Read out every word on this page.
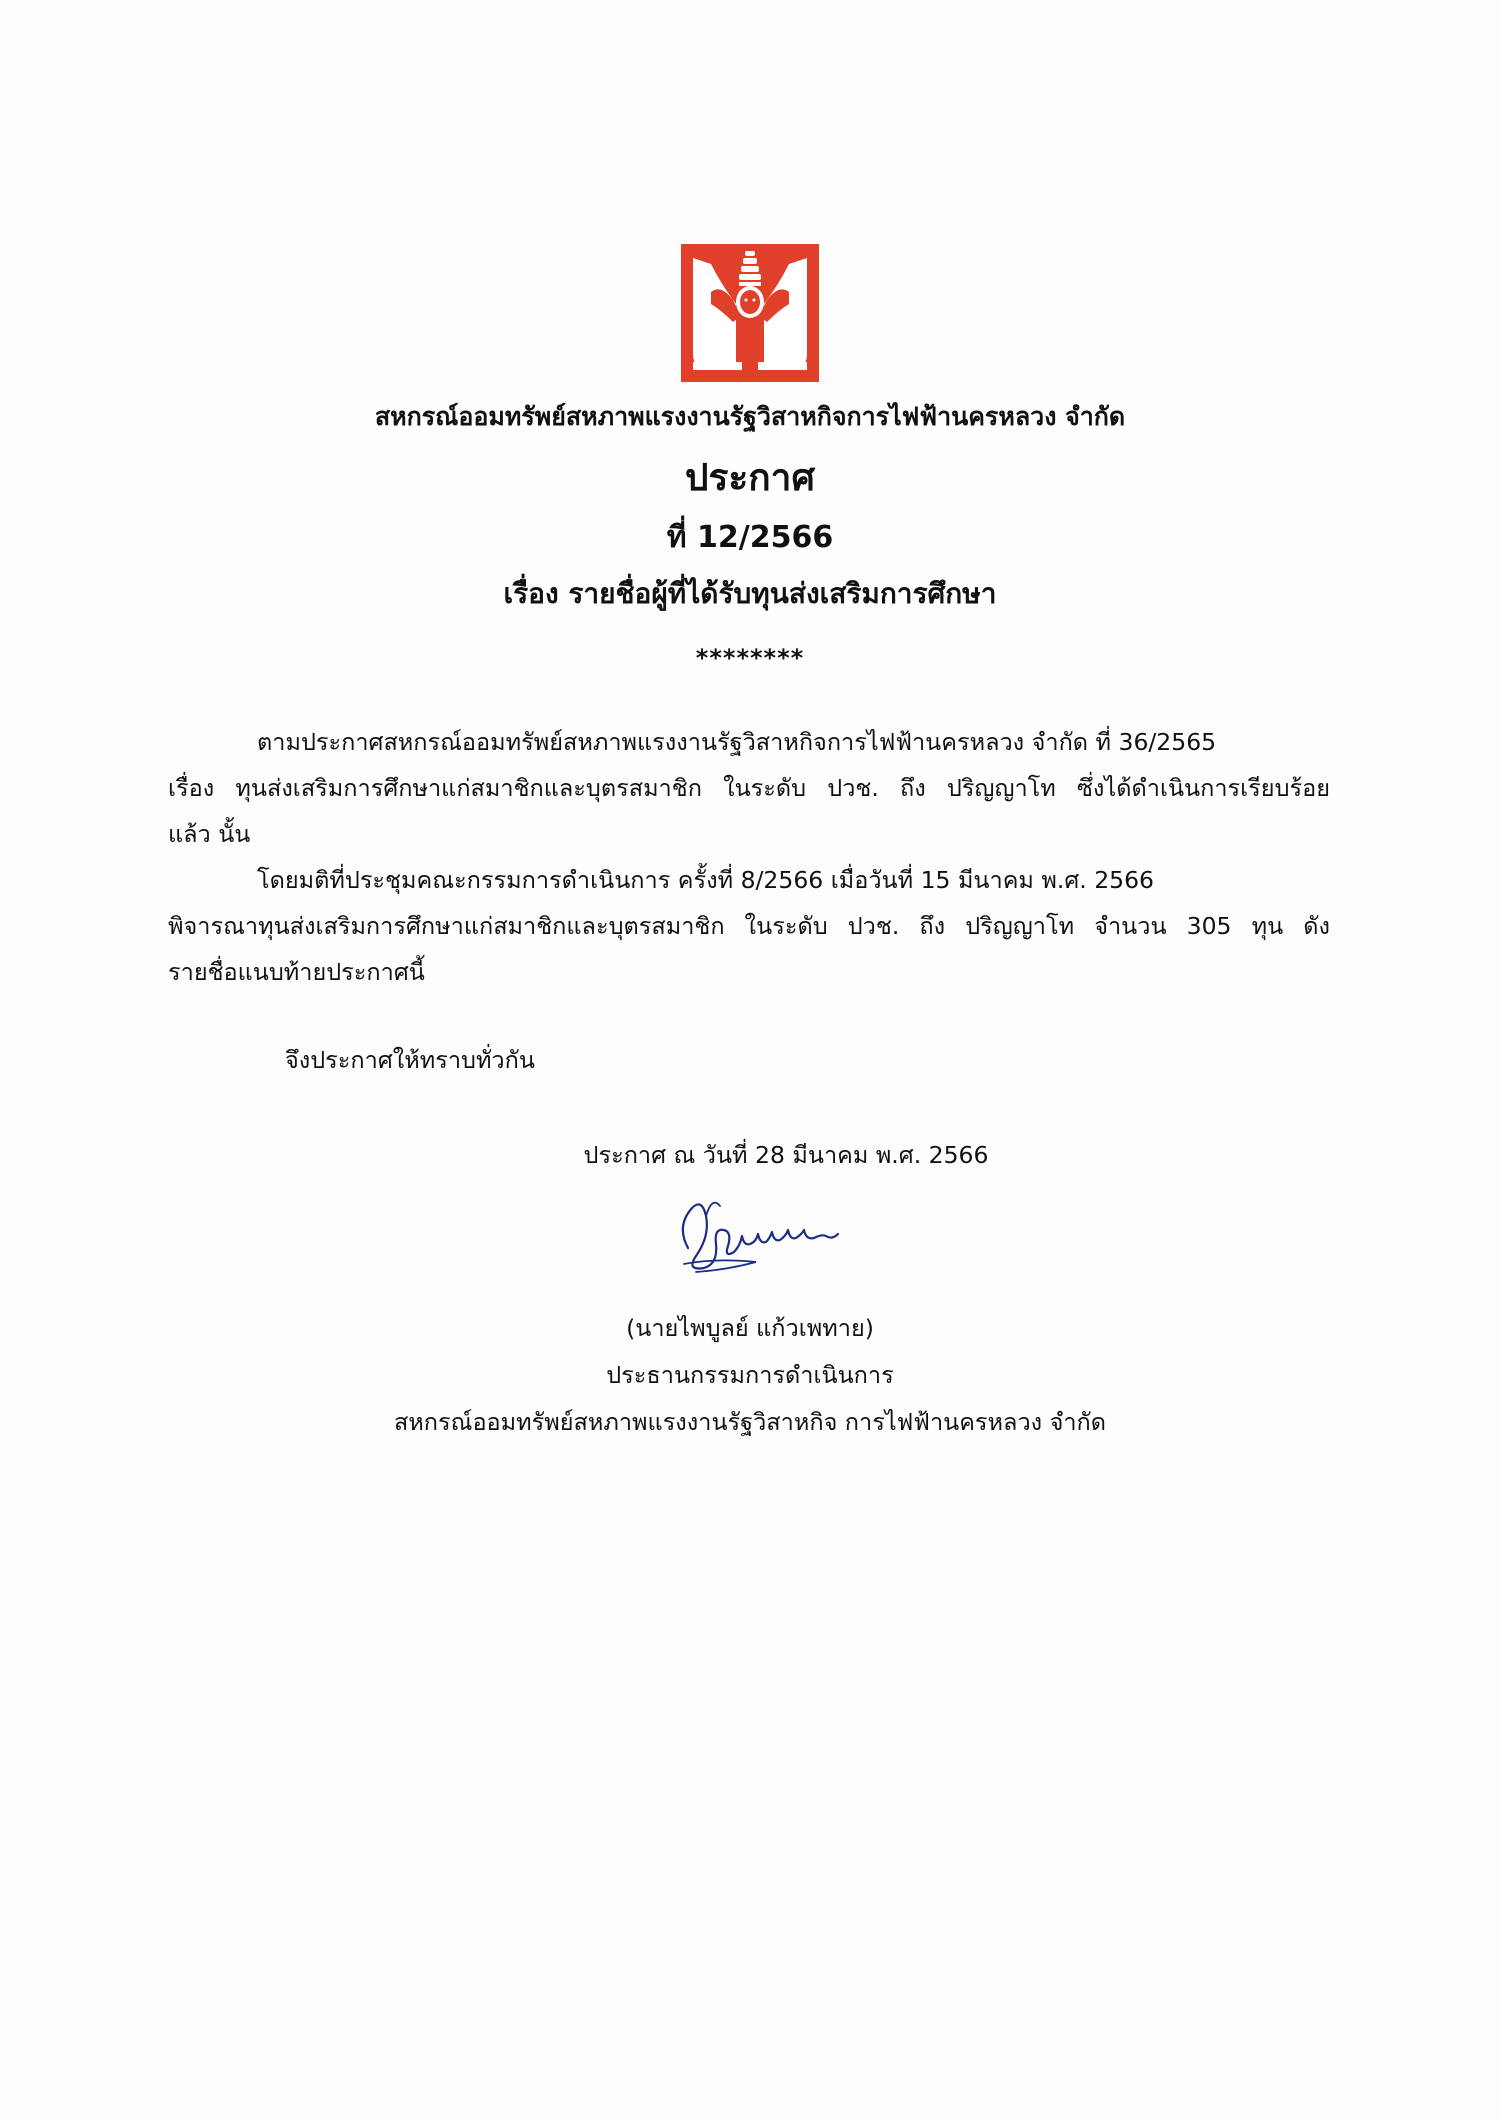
สหกรณ์ออมทรัพย์สหภาพแรงงานรัฐวิสาหกิจการไฟฟ้านครหลวง จำกัด
ประกาศ
ที่ 12/2566
เรื่อง รายชื่อผู้ที่ได้รับทุนส่งเสริมการศึกษา
********
ตามประกาศสหกรณ์ออมทรัพย์สหภาพแรงงานรัฐวิสาหกิจการไฟฟ้านครหลวง จำกัด ที่ 36/2565
เรื่อง ทุนส่งเสริมการศึกษาแก่สมาชิกและบุตรสมาชิก ในระดับ ปวช. ถึง ปริญญาโท ซึ่งได้ดำเนินการเรียบร้อย
แล้ว นั้น
โดยมติที่ประชุมคณะกรรมการดำเนินการ ครั้งที่ 8/2566 เมื่อวันที่ 15 มีนาคม พ.ศ. 2566
พิจารณาทุนส่งเสริมการศึกษาแก่สมาชิกและบุตรสมาชิก ในระดับ ปวช. ถึง ปริญญาโท จำนวน 305 ทุน ดัง
รายชื่อแนบท้ายประกาศนี้
จึงประกาศให้ทราบทั่วกัน
ประกาศ ณ วันที่ 28 มีนาคม พ.ศ. 2566
(นายไพบูลย์ แก้วเพทาย)
ประธานกรรมการดำเนินการ
สหกรณ์ออมทรัพย์สหภาพแรงงานรัฐวิสาหกิจ การไฟฟ้านครหลวง จำกัด
